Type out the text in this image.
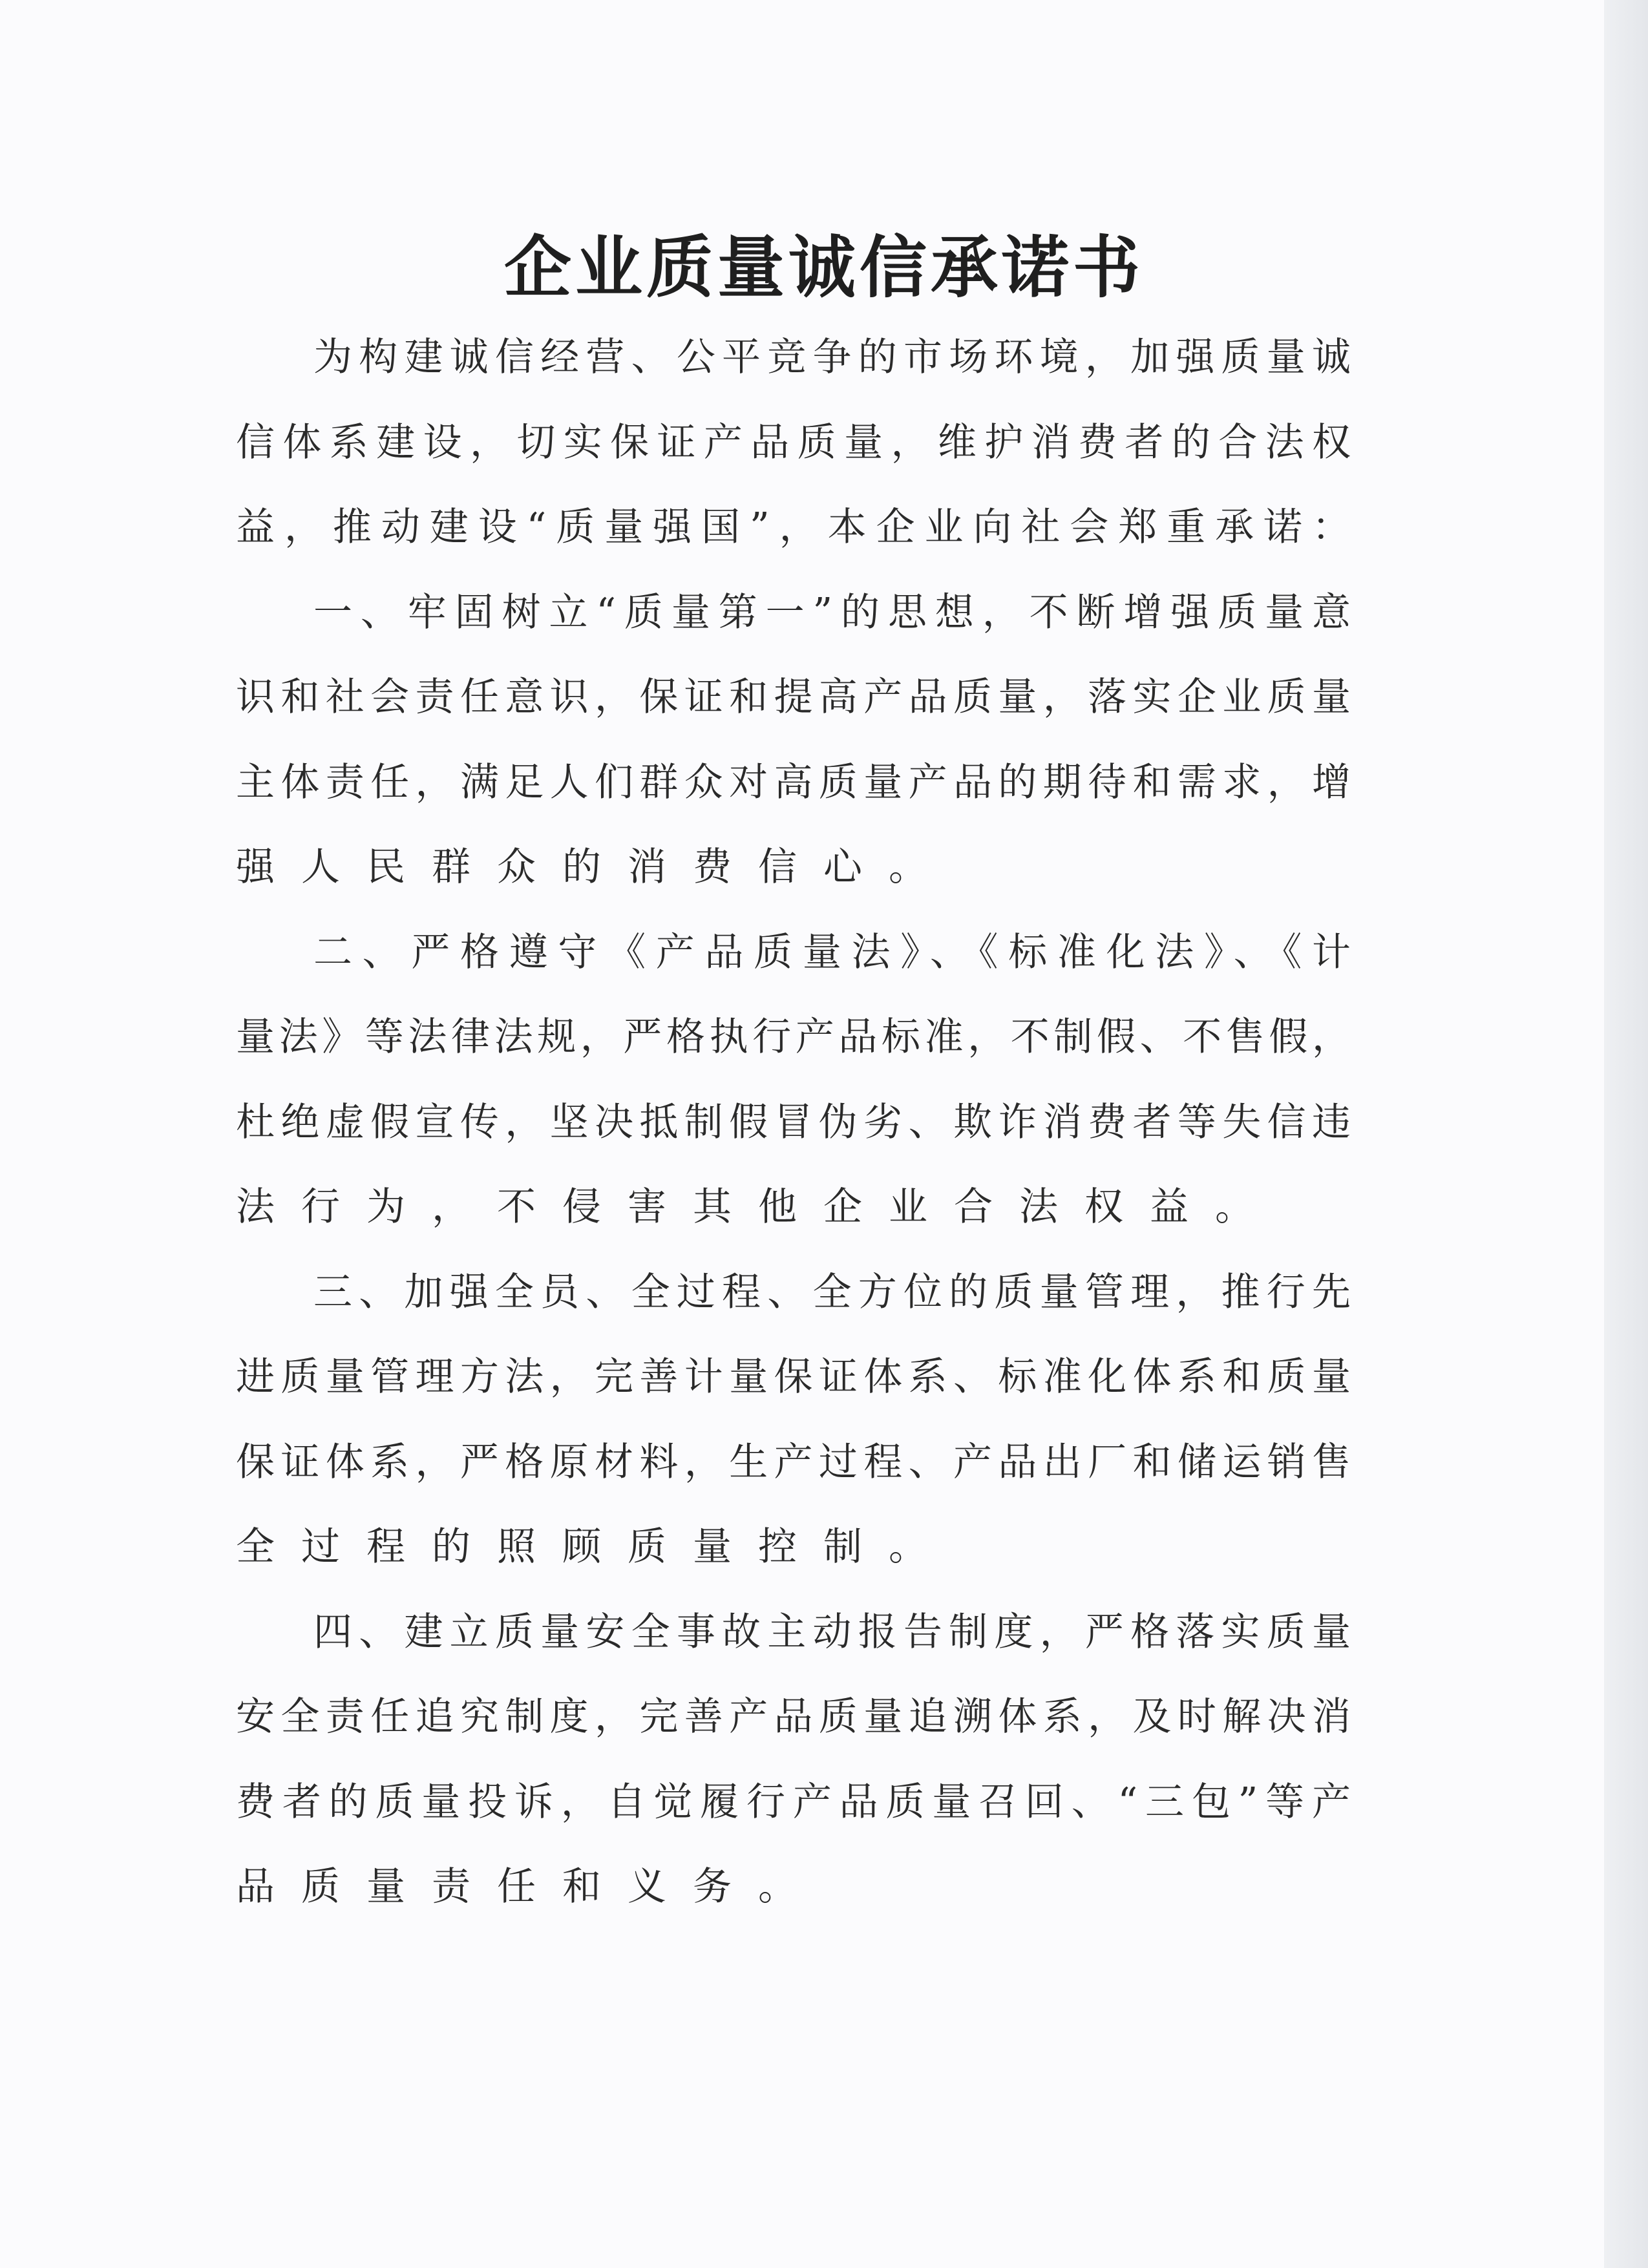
企业质量诚信承诺书
为构建诚信经营、公平竞争的市场环境，加强质量诚
信体系建设，切实保证产品质量，维护消费者的合法权
益，推动建设“质量强国”，本企业向社会郑重承诺：
一、牢固树立“质量第一”的思想，不断增强质量意
识和社会责任意识，保证和提高产品质量，落实企业质量
主体责任，满足人们群众对高质量产品的期待和需求，增
强人民群众的消费信心。
二、严格遵守《产品质量法》、《标准化法》、《计
量法》等法律法规，严格执行产品标准，不制假、不售假，
杜绝虚假宣传，坚决抵制假冒伪劣、欺诈消费者等失信违
法行为，不侵害其他企业合法权益。
三、加强全员、全过程、全方位的质量管理，推行先
进质量管理方法，完善计量保证体系、标准化体系和质量
保证体系，严格原材料，生产过程、产品出厂和储运销售
全过程的照顾质量控制。
四、建立质量安全事故主动报告制度，严格落实质量
安全责任追究制度，完善产品质量追溯体系，及时解决消
费者的质量投诉，自觉履行产品质量召回、“三包”等产
品质量责任和义务。
